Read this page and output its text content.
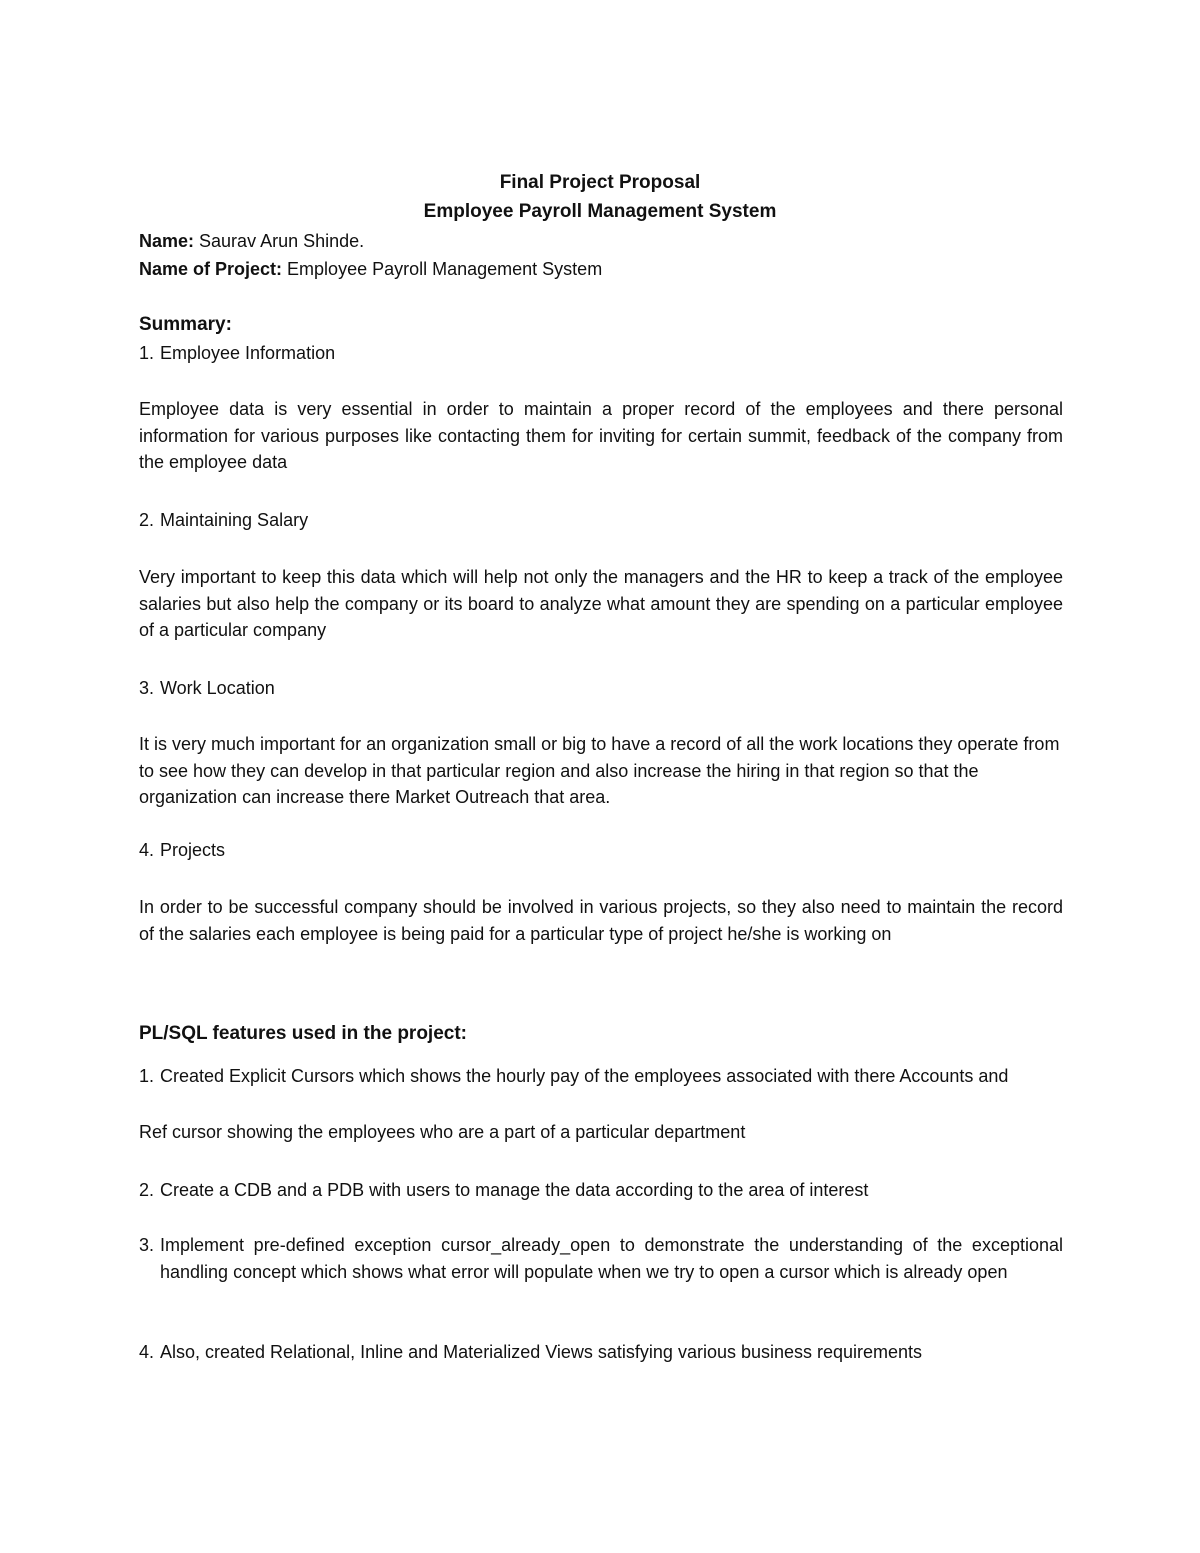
Final Project Proposal
Employee Payroll Management System
Name: Saurav Arun Shinde.
Name of Project: Employee Payroll Management System
Summary:
1. Employee Information
Employee data is very essential in order to maintain a proper record of the employees and there personal information for various purposes like contacting them for inviting for certain summit, feedback of the company from the employee data
2. Maintaining Salary
Very important to keep this data which will help not only the managers and the HR to keep a track of the employee salaries but also help the company or its board to analyze what amount they are spending on a particular employee of a particular company
3. Work Location
It is very much important for an organization small or big to have a record of all the work locations they operate from to see how they can develop in that particular region and also increase the hiring in that region so that the organization can increase there Market Outreach that area.
4. Projects
In order to be successful company should be involved in various projects, so they also need to maintain the record of the salaries each employee is being paid for a particular type of project he/she is working on
PL/SQL features used in the project:
1. Created Explicit Cursors which shows the hourly pay of the employees associated with there Accounts and
Ref cursor showing the employees who are a part of a particular department
2. Create a CDB and a PDB with users to manage the data according to the area of interest
3. Implement pre-defined exception cursor_already_open to demonstrate the understanding of the exceptional handling concept which shows what error will populate when we try to open a cursor which is already open
4. Also, created Relational, Inline and Materialized Views satisfying various business requirements
